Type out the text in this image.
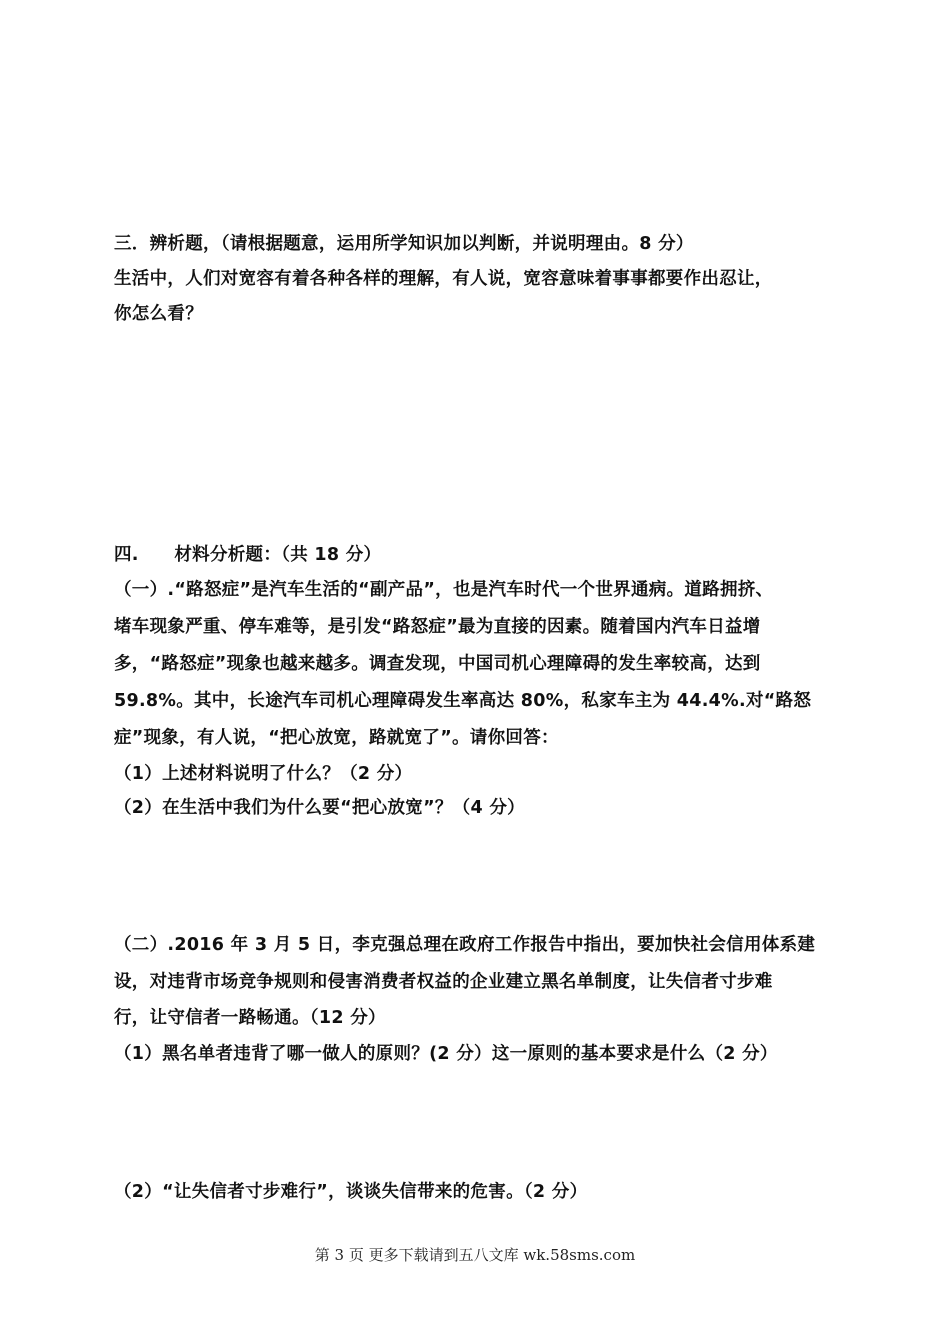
三．辨析题，（请根据题意，运用所学知识加以判断，并说明理由。8 分）
生活中，人们对宽容有着各种各样的理解，有人说，宽容意味着事事都要作出忍让，
你怎么看？
四.　　材料分析题：（共 18 分）
（一）.“路怒症”是汽车生活的“副产品”，也是汽车时代一个世界通病。道路拥挤、
堵车现象严重、停车难等，是引发“路怒症”最为直接的因素。随着国内汽车日益增
多，“路怒症”现象也越来越多。调查发现，中国司机心理障碍的发生率较高，达到
59.8%。其中，长途汽车司机心理障碍发生率高达 80%，私家车主为 44.4%.对“路怒
症”现象，有人说，“把心放宽，路就宽了”。请你回答：
（1）上述材料说明了什么？（2 分）
（2）在生活中我们为什么要“把心放宽”？（4 分）
（二）.2016 年 3 月 5 日，李克强总理在政府工作报告中指出，要加快社会信用体系建
设，对违背市场竞争规则和侵害消费者权益的企业建立黑名单制度，让失信者寸步难
行，让守信者一路畅通。（12 分）
（1）黑名单者违背了哪一做人的原则？(2 分）这一原则的基本要求是什么（2 分）
（2）“让失信者寸步难行”，谈谈失信带来的危害。（2 分）
第 3 页 更多下载请到五八文库 wk.58sms.com
